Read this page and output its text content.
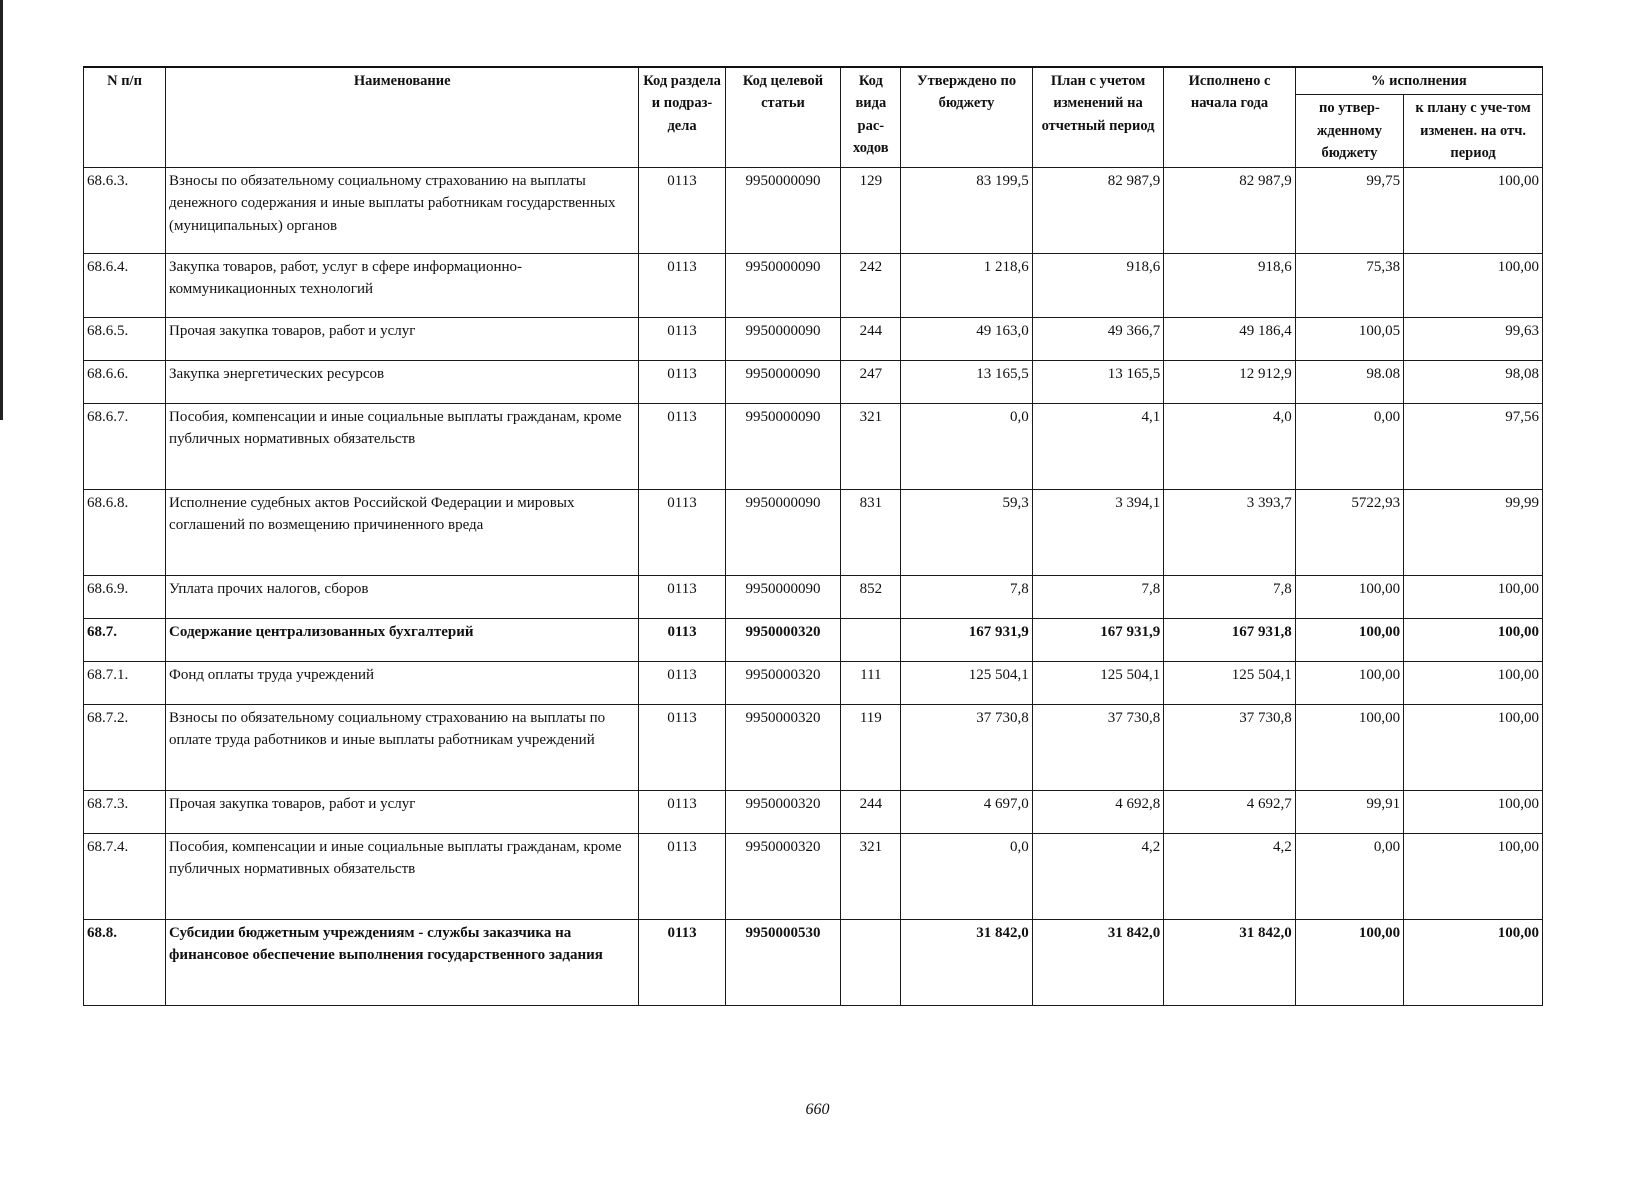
N п/п	Наименование	Код раздела и подраз-дела	Код целевой статьи	Код вида рас-ходов	Утверждено по бюджету	План с учетом изменений на отчетный период	Исполнено с начала года	% исполнения	
								по утвер-жденному бюджету	к плану с уче-том изменен. на отч. период
68.6.3.	Взносы по обязательному социальному страхованию на выплаты денежного содержания и иные выплаты работникам государственных (муниципальных) органов	0113	9950000090	129	83 199,5	82 987,9	82 987,9	99,75	100,00
68.6.4.	Закупка товаров, работ, услуг в сфере информационно-коммуникационных технологий	0113	9950000090	242	1 218,6	918,6	918,6	75,38	100,00
68.6.5.	Прочая закупка товаров, работ и услуг	0113	9950000090	244	49 163,0	49 366,7	49 186,4	100,05	99,63
68.6.6.	Закупка энергетических ресурсов	0113	9950000090	247	13 165,5	13 165,5	12 912,9	98.08	98,08
68.6.7.	Пособия, компенсации и иные социальные выплаты гражданам, кроме публичных нормативных обязательств	0113	9950000090	321	0,0	4,1	4,0	0,00	97,56
68.6.8.	Исполнение судебных актов Российской Федерации и мировых соглашений по возмещению причиненного вреда	0113	9950000090	831	59,3	3 394,1	3 393,7	5722,93	99,99
68.6.9.	Уплата прочих налогов, сборов	0113	9950000090	852	7,8	7,8	7,8	100,00	100,00
68.7.	Содержание централизованных бухгалтерий	0113	9950000320		167 931,9	167 931,9	167 931,8	100,00	100,00
68.7.1.	Фонд оплаты труда учреждений	0113	9950000320	111	125 504,1	125 504,1	125 504,1	100,00	100,00
68.7.2.	Взносы по обязательному социальному страхованию на выплаты по оплате труда работников и иные выплаты работникам учреждений	0113	9950000320	119	37 730,8	37 730,8	37 730,8	100,00	100,00
68.7.3.	Прочая закупка товаров, работ и услуг	0113	9950000320	244	4 697,0	4 692,8	4 692,7	99,91	100,00
68.7.4.	Пособия, компенсации и иные социальные выплаты гражданам, кроме публичных нормативных обязательств	0113	9950000320	321	0,0	4,2	4,2	0,00	100,00
68.8.	Субсидии бюджетным учреждениям - службы заказчика на финансовое обеспечение выполнения государственного задания	0113	9950000530		31 842,0	31 842,0	31 842,0	100,00	100,00
660
